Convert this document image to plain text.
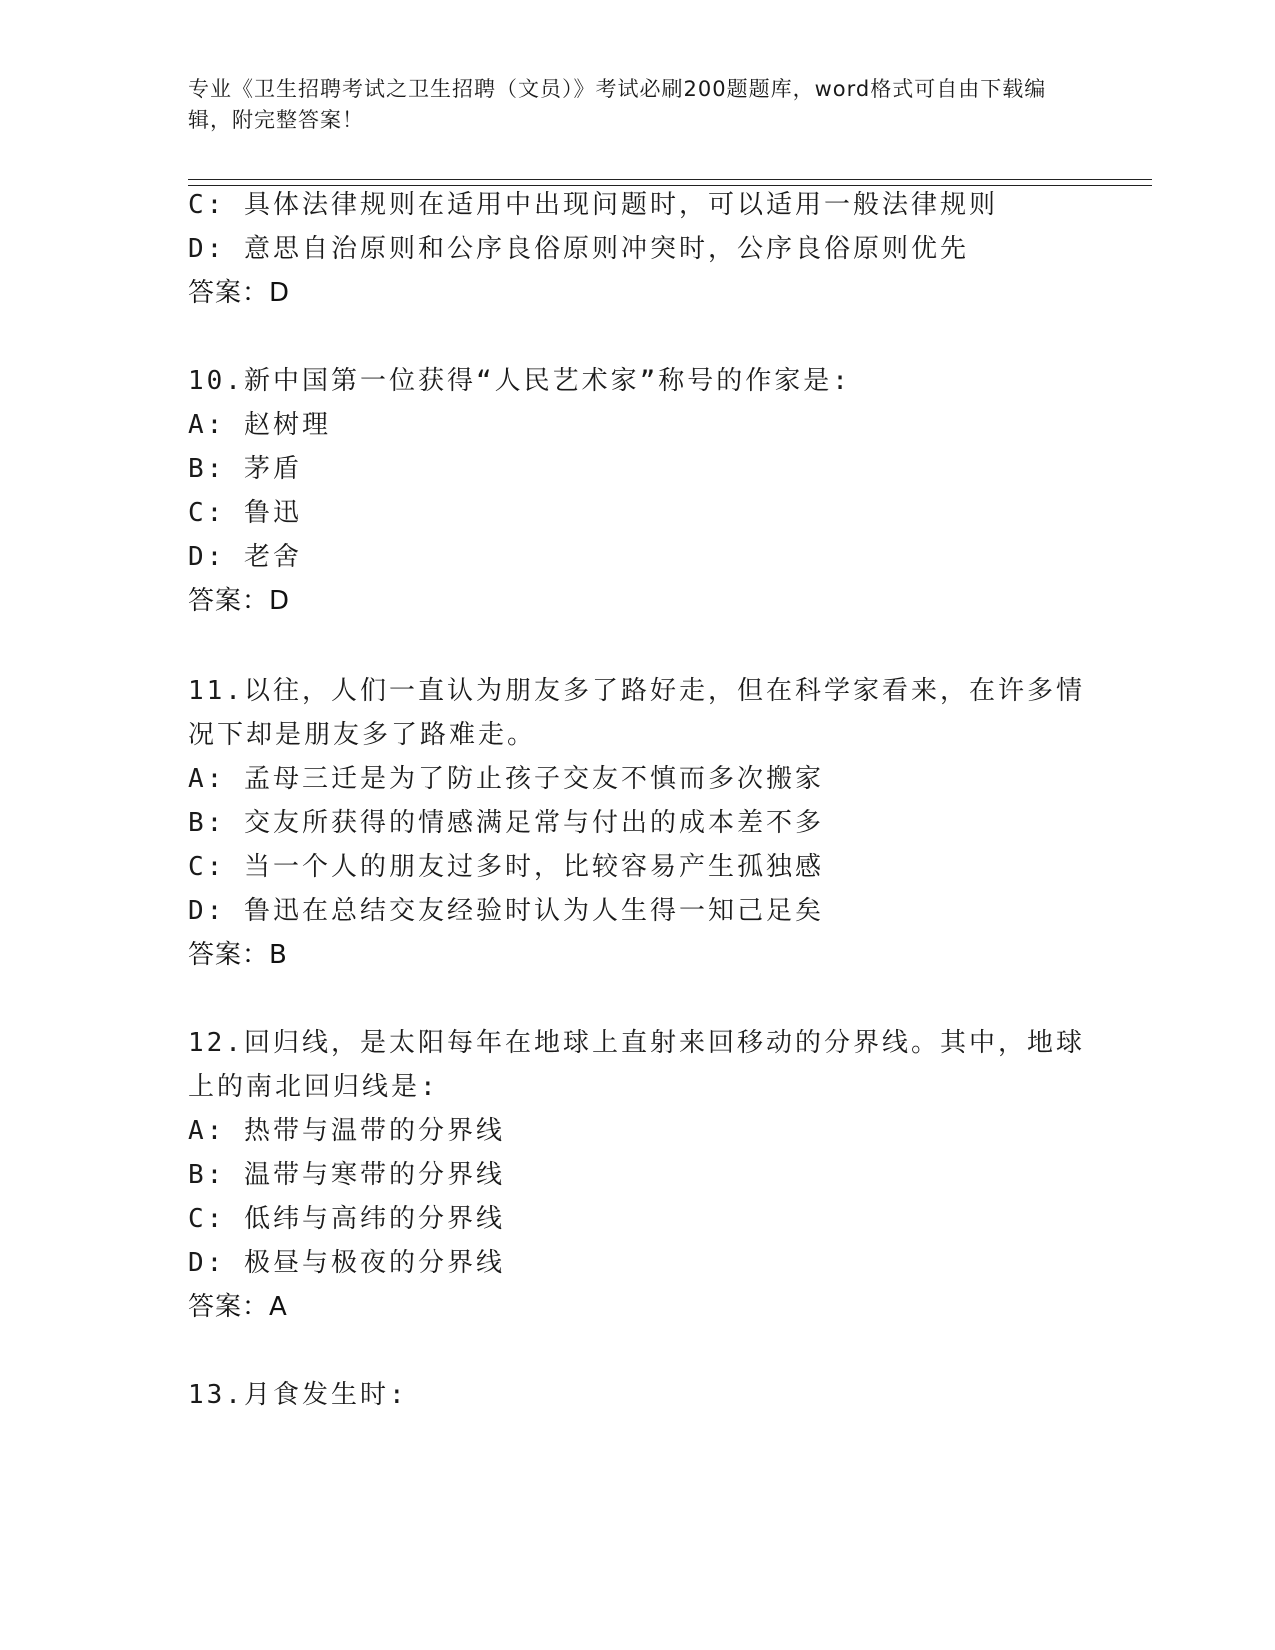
专业《卫生招聘考试之卫生招聘（文员）》考试必刷200题题库，word格式可自由下载编辑，附完整答案！
C: 具体法律规则在适用中出现问题时，可以适用一般法律规则
D: 意思自治原则和公序良俗原则冲突时，公序良俗原则优先
答案：D
10.新中国第一位获得“人民艺术家”称号的作家是:
A: 赵树理
B: 茅盾
C: 鲁迅
D: 老舍
答案：D
11.以往，人们一直认为朋友多了路好走，但在科学家看来，在许多情
况下却是朋友多了路难走。
A: 孟母三迁是为了防止孩子交友不慎而多次搬家
B: 交友所获得的情感满足常与付出的成本差不多
C: 当一个人的朋友过多时，比较容易产生孤独感
D: 鲁迅在总结交友经验时认为人生得一知己足矣
答案：B
12.回归线，是太阳每年在地球上直射来回移动的分界线。其中，地球
上的南北回归线是:
A: 热带与温带的分界线
B: 温带与寒带的分界线
C: 低纬与高纬的分界线
D: 极昼与极夜的分界线
答案：A
13.月食发生时:
